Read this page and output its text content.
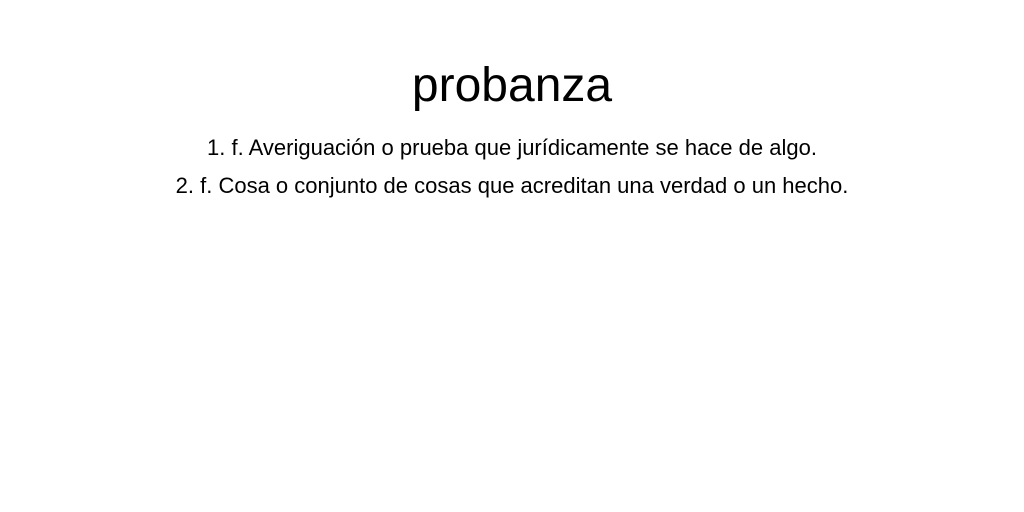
probanza
1. f. Averiguación o prueba que jurídicamente se hace de algo.
2. f. Cosa o conjunto de cosas que acreditan una verdad o un hecho.
